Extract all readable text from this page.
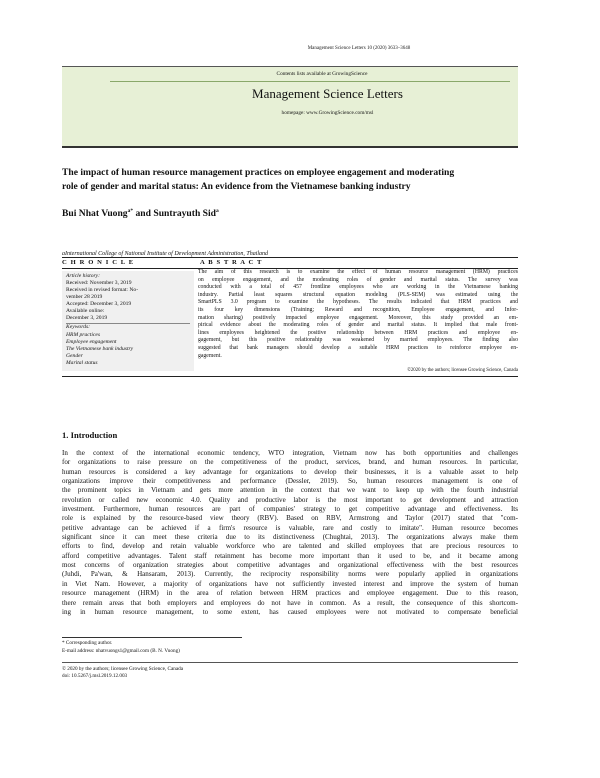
Management Science Letters 10 (2020) 3633–3648
Contents lists available at GrowingScience
Management Science Letters
homepage: www.GrowingScience.com/msl
The impact of human resource management practices on employee engagement and moderating
role of gender and marital status: An evidence from the Vietnamese banking industry
Bui Nhat Vuong$^{a*}$ and Suntrayuth Sid$^a$
aInternational College of National Institute of Development Administration, Thailand
C H R O N I C L E	A B S T R A C T
Article history:
Received: November 3, 2019
Received in revised format: No-
vember 28 2019
Accepted: December 3, 2019
Available online:
December 3, 2019
Keywords:
HRM practices
Employee engagement
The Vietnamese bank industry
Gender
Marital status
The aim of this research is to examine the effect of human resource management (HRM) practices
on employee engagement, and the moderating roles of gender and marital status. The survey was
conducted with a total of 457 frontline employees who are working in the Vietnamese banking
industry. Partial least squares structural equation modeling (PLS-SEM) was estimated using the
SmartPLS 3.0 program to examine the hypotheses. The results indicated that HRM practices and
its four key dimensions (Training; Reward and recognition, Employee engagement, and Infor-
mation sharing) positively impacted employee engagement. Moreover, this study provided an em-
pirical evidence about the moderating roles of gender and marital status. It implied that male front-
lines employees heightened the positive relationship between HRM practices and employee en-
gagement, but this positive relationship was weakened by married employees. The finding also
suggested that bank managers should develop a suitable HRM practices to reinforce employee en-
gagement.
©2020 by the authors; licensee Growing Science, Canada
1. Introduction
In the context of the international economic tendency, WTO integration, Vietnam now has both opportunities and challenges
for organizations to raise pressure on the competitiveness of the product, services, brand, and human resources. In particular,
human resources is considered a key advantage for organizations to develop their businesses, it is a valuable asset to help
organizations improve their competitiveness and performance (Dessler, 2019). So, human resources management is one of
the prominent topics in Vietnam and gets more attention in the context that we want to keep up with the fourth industrial
revolution or called new economic 4.0. Quality and productive labor is the most important to get development and attraction
investment. Furthermore, human resources are part of companies' strategy to get competitive advantage and effectiveness. Its
role is explained by the resource-based view theory (RBV). Based on RBV, Armstrong and Taylor (2017) stated that "com-
petitive advantage can be achieved if a firm's resource is valuable, rare and costly to imitate". Human resource becomes
significant since it can meet these criteria due to its distinctiveness (Chughtai, 2013). The organizations always make them
efforts to find, develop and retain valuable workforce who are talented and skilled employees that are precious resources to
afford competitive advantages. Talent staff retainment has become more important than it used to be, and it became among
most concerns of organization strategies about competitive advantages and organizational effectiveness with the best resources
(Juhdi, Pa'wan, & Hansaram, 2013). Currently, the reciprocity responsibility norms were popularly applied in organizations
in Viet Nam. However, a majority of organizations have not sufficiently invested interest and improve the system of human
resource management (HRM) in the area of relation between HRM practices and employee engagement. Due to this reason,
there remain areas that both employers and employees do not have in common. As a result, the consequence of this shortcom-
ing in human resource management, to some extent, has caused employees were not motivated to compensate beneficial
* Corresponding author.
E-mail address: nhatvuongs1@gmail.com (B. N. Vuong)
© 2020 by the authors; licensee Growing Science, Canada
doi: 10.5267/j.msl.2019.12.003
